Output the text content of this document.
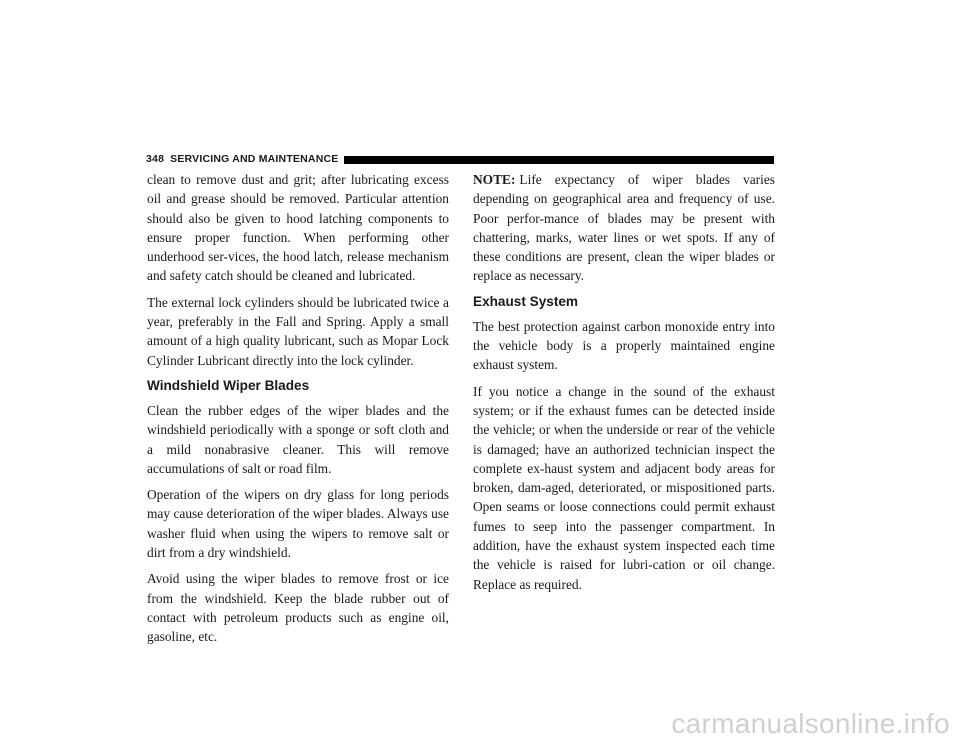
348 SERVICING AND MAINTENANCE

clean to remove dust and grit; after lubricating excess oil and grease should be removed. Particular attention should also be given to hood latching components to ensure proper function. When performing other underhood ser-vices, the hood latch, release mechanism and safety catch should be cleaned and lubricated.

The external lock cylinders should be lubricated twice a year, preferably in the Fall and Spring. Apply a small amount of a high quality lubricant, such as Mopar Lock Cylinder Lubricant directly into the lock cylinder.

Windshield Wiper Blades

Clean the rubber edges of the wiper blades and the windshield periodically with a sponge or soft cloth and a mild nonabrasive cleaner. This will remove accumulations of salt or road film.

Operation of the wipers on dry glass for long periods may cause deterioration of the wiper blades. Always use washer fluid when using the wipers to remove salt or dirt from a dry windshield.

Avoid using the wiper blades to remove frost or ice from the windshield. Keep the blade rubber out of contact with petroleum products such as engine oil, gasoline, etc.

NOTE: Life expectancy of wiper blades varies depending on geographical area and frequency of use. Poor perfor-mance of blades may be present with chattering, marks, water lines or wet spots. If any of these conditions are present, clean the wiper blades or replace as necessary.

Exhaust System

The best protection against carbon monoxide entry into the vehicle body is a properly maintained engine exhaust system.

If you notice a change in the sound of the exhaust system; or if the exhaust fumes can be detected inside the vehicle; or when the underside or rear of the vehicle is damaged; have an authorized technician inspect the complete ex-haust system and adjacent body areas for broken, dam-aged, deteriorated, or mispositioned parts. Open seams or loose connections could permit exhaust fumes to seep into the passenger compartment. In addition, have the exhaust system inspected each time the vehicle is raised for lubri-cation or oil change. Replace as required.

carmanualsonline.info
